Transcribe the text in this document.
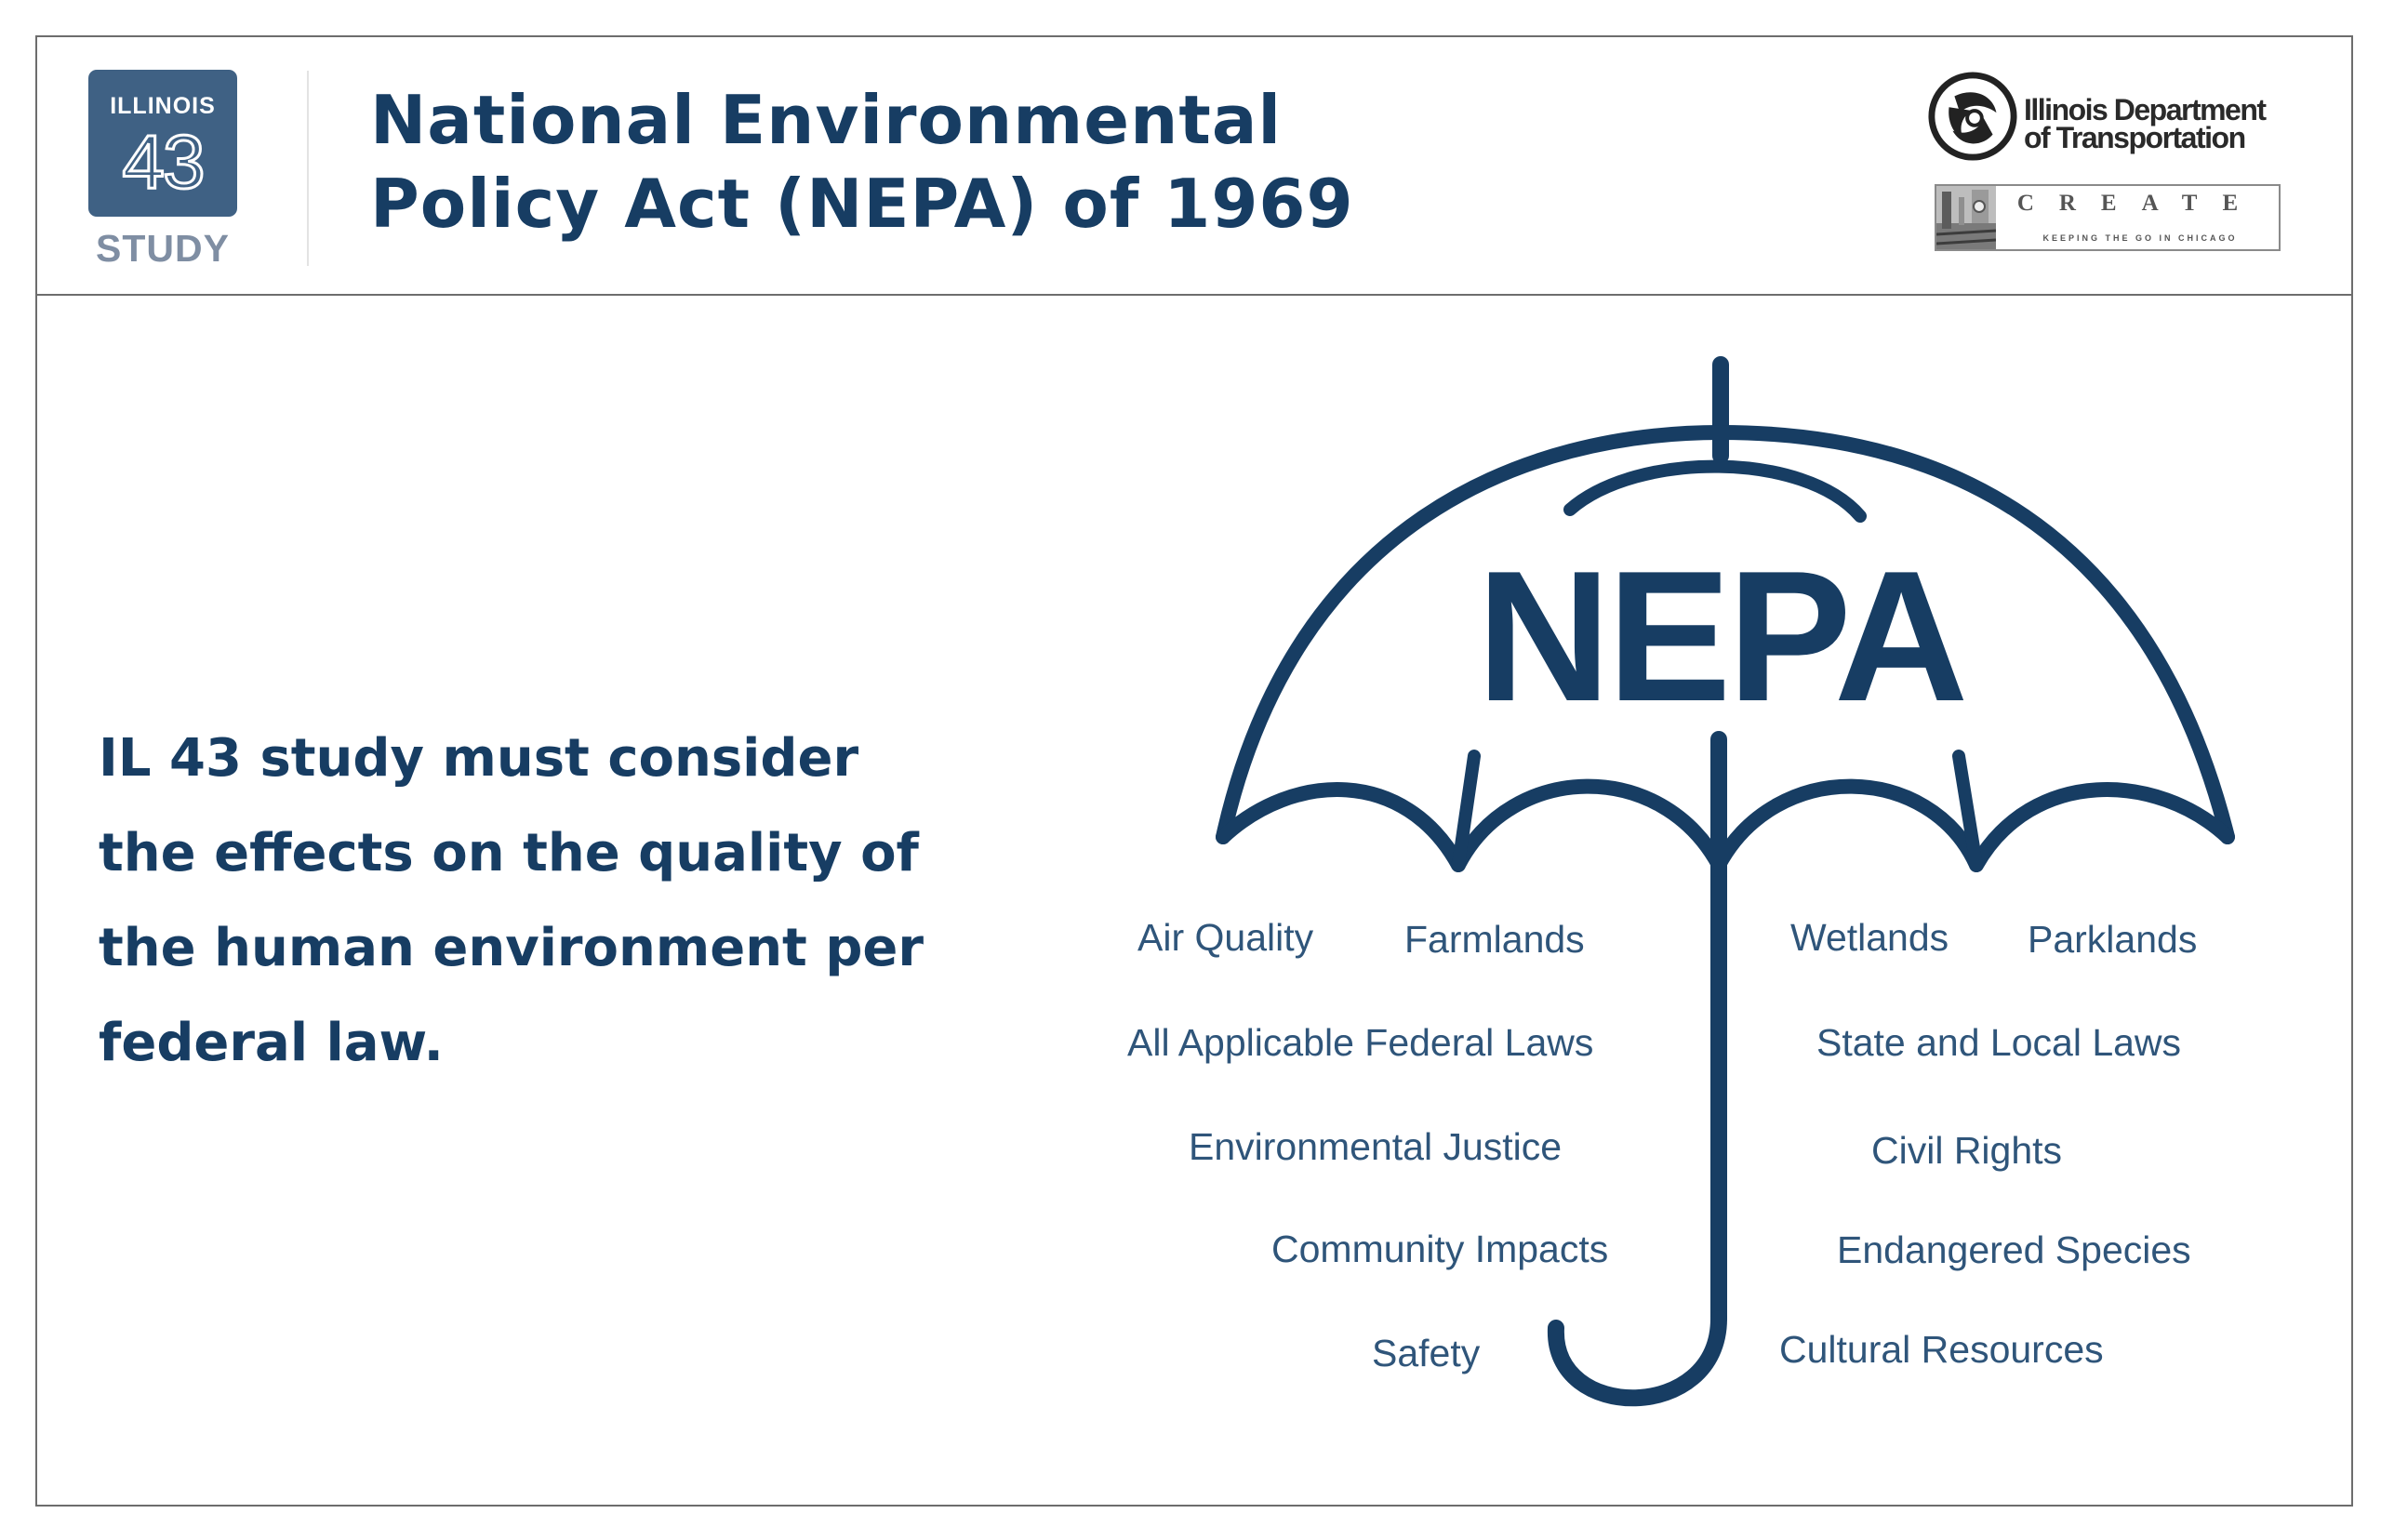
ILLINOIS
43
STUDY
National Environmental
Policy Act (NEPA) of 1969
Illinois Department
of Transportation
CREATE
KEEPING THE GO IN CHICAGO

IL 43 study must consider the effects on the quality of the human environment per federal law.

NEPA
Air Quality Farmlands
All Applicable Federal Laws
Environmental Justice
Community Impacts
Safety
Wetlands Parklands
State and Local Laws
Civil Rights
Endangered Species
Cultural Resources
